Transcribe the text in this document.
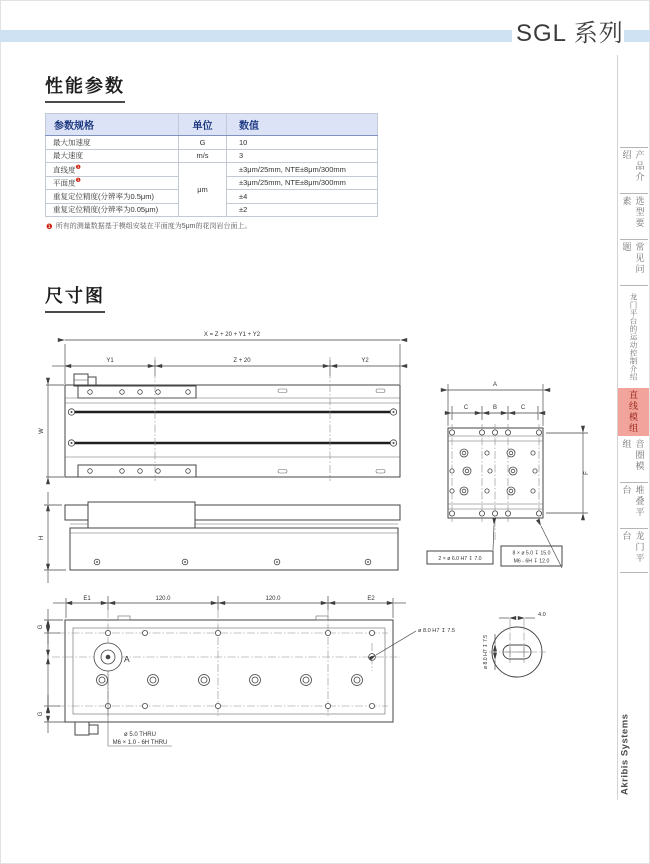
SGL 系列
性能参数
参数规格	单位	数值
最大加速度	G	10
最大速度	m/s	3
直线度$^❶$	μm	±3μm/25mm, NTE±8μm/300mm
平面度$^❶$		±3μm/25mm, NTE±8μm/300mm
重复定位精度(分辨率为0.5μm)		±4
重复定位精度(分辨率为0.05μm)		±2
❶ 所有的测量数据基于模组安装在平面度为5μm的花岗岩台面上。
尺寸图
X = Z + 20 + Y1 + Y2
Y1	Z + 20	Y2
W
H
A
C	B	C
F
2 × ø 6.0 H7 ↧ 7.0
8 × ø 5.0 ↧ 15.0
M6 - 6H ↧ 12.0
E1	120.0	120.0	E2
A
G
G
ø 8.0 H7 ↧ 7.5
ø 5.0 THRU
M6 × 1.0 - 6H THRU
4.0
ø 8.0 H7 ↧ 7.5
产品介绍
选型要素
常见问题
龙门平台的运动控制介绍
直线模组
音圈模组
堆叠平台
龙门平台
Akribis Systems
